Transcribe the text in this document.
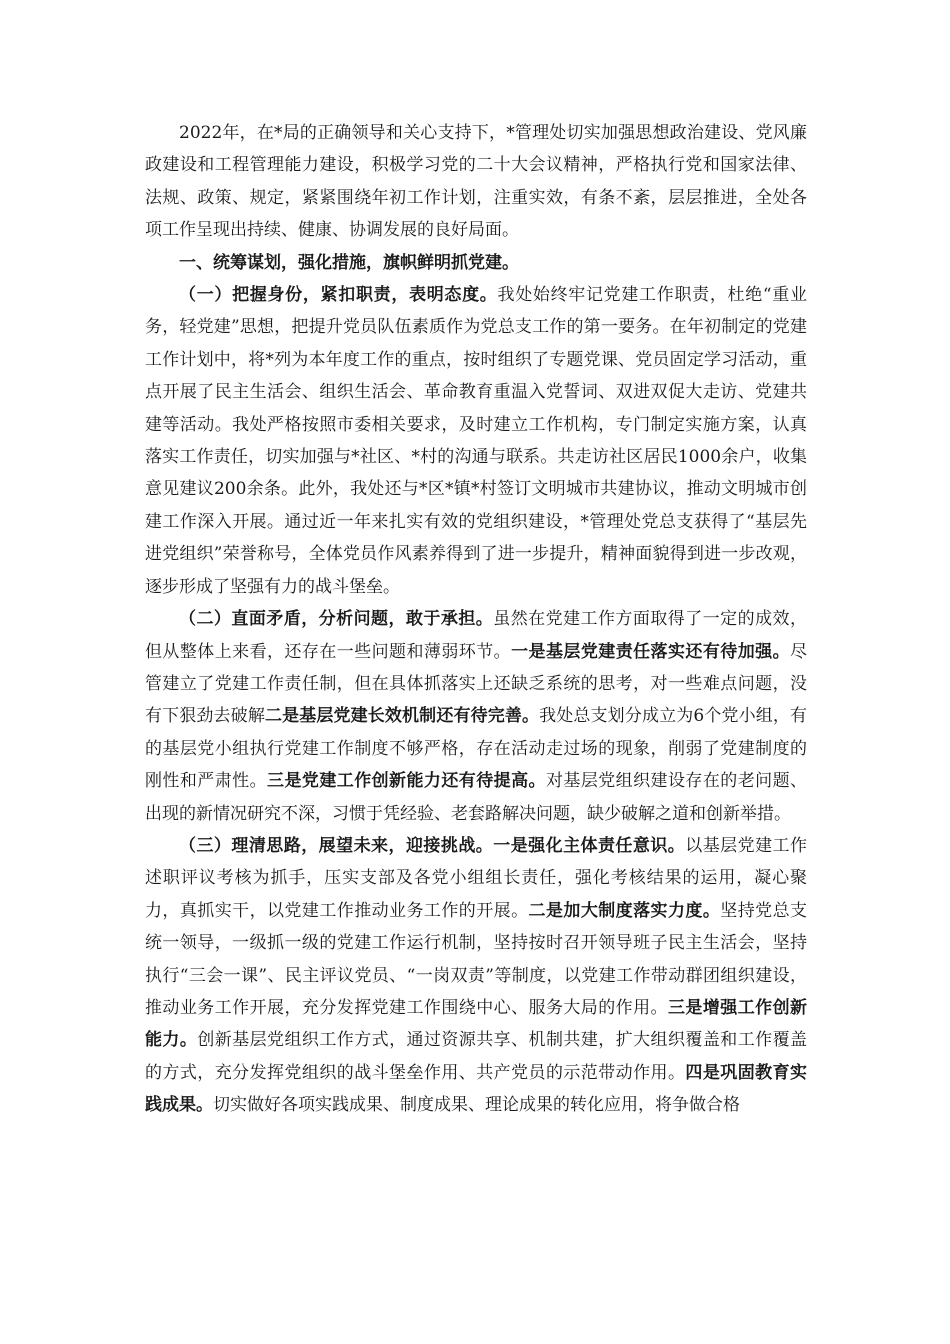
2022年，在*局的正确领导和关心支持下，*管理处切实加强思想政治建设、党风廉政建设和工程管理能力建设，积极学习党的二十大会议精神，严格执行党和国家法律、法规、政策、规定，紧紧围绕年初工作计划，注重实效，有条不紊，层层推进，全处各项工作呈现出持续、健康、协调发展的良好局面。

一、统筹谋划，强化措施，旗帜鲜明抓党建。

（一）把握身份，紧扣职责，表明态度。我处始终牢记党建工作职责，杜绝“重业务，轻党建”思想，把提升党员队伍素质作为党总支工作的第一要务。在年初制定的党建工作计划中，将*列为本年度工作的重点，按时组织了专题党课、党员固定学习活动，重点开展了民主生活会、组织生活会、革命教育重温入党誓词、双进双促大走访、党建共建等活动。我处严格按照市委相关要求，及时建立工作机构，专门制定实施方案，认真落实工作责任，切实加强与*社区、*村的沟通与联系。共走访社区居民1000余户，收集意见建议200余条。此外，我处还与*区*镇*村签订文明城市共建协议，推动文明城市创建工作深入开展。通过近一年来扎实有效的党组织建设，*管理处党总支获得了“基层先进党组织”荣誉称号，全体党员作风素养得到了进一步提升，精神面貌得到进一步改观，逐步形成了坚强有力的战斗堡垒。

（二）直面矛盾，分析问题，敢于承担。虽然在党建工作方面取得了一定的成效，但从整体上来看，还存在一些问题和薄弱环节。一是基层党建责任落实还有待加强。尽管建立了党建工作责任制，但在具体抓落实上还缺乏系统的思考，对一些难点问题，没有下狠劲去破解二是基层党建长效机制还有待完善。我处总支划分成立为6个党小组，有的基层党小组执行党建工作制度不够严格，存在活动走过场的现象，削弱了党建制度的刚性和严肃性。三是党建工作创新能力还有待提高。对基层党组织建设存在的老问题、出现的新情况研究不深，习惯于凭经验、老套路解决问题，缺少破解之道和创新举措。

（三）理清思路，展望未来，迎接挑战。一是强化主体责任意识。以基层党建工作述职评议考核为抓手，压实支部及各党小组组长责任，强化考核结果的运用，凝心聚力，真抓实干，以党建工作推动业务工作的开展。二是加大制度落实力度。坚持党总支统一领导，一级抓一级的党建工作运行机制，坚持按时召开领导班子民主生活会，坚持执行“三会一课”、民主评议党员、“一岗双责”等制度，以党建工作带动群团组织建设，推动业务工作开展，充分发挥党建工作围绕中心、服务大局的作用。三是增强工作创新能力。创新基层党组织工作方式，通过资源共享、机制共建，扩大组织覆盖和工作覆盖的方式，充分发挥党组织的战斗堡垒作用、共产党员的示范带动作用。四是巩固教育实践成果。切实做好各项实践成果、制度成果、理论成果的转化应用，将争做合格
